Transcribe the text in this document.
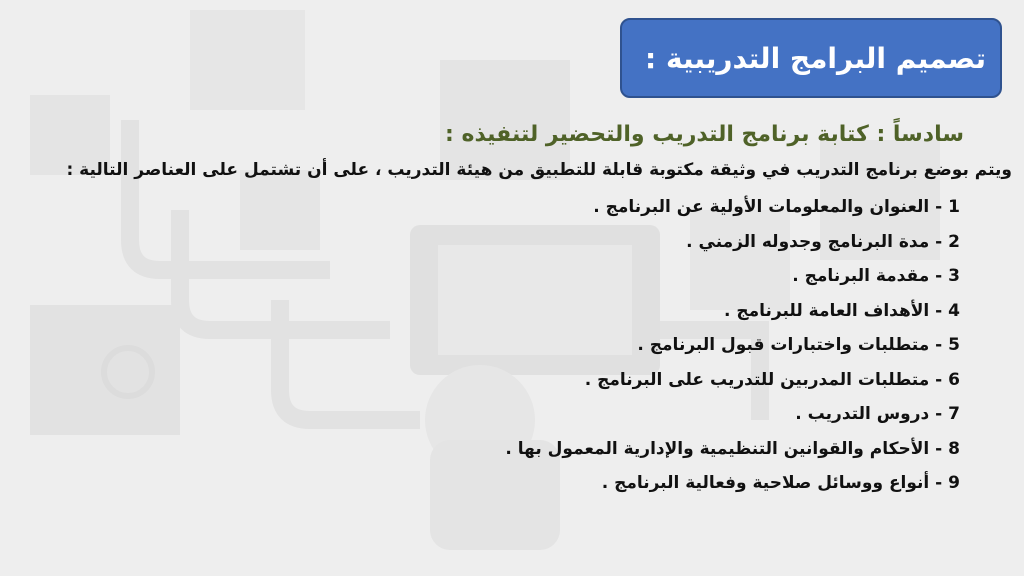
تصميم البرامج التدريبية :
سادساً : كتابة برنامج التدريب والتحضير لتنفيذه :

ويتم بوضع برنامج التدريب في وثيقة مكتوبة قابلة للتطبيق من هيئة التدريب ، على أن تشتمل على العناصر التالية :

1 - العنوان والمعلومات الأولية عن البرنامج .
2 - مدة البرنامج وجدوله الزمني .
3 - مقدمة البرنامج .
4 - الأهداف العامة للبرنامج .
5 - متطلبات واختبارات قبول البرنامج .
6 - متطلبات المدربين للتدريب على البرنامج .
7 - دروس التدريب .
8 - الأحكام والقوانين التنظيمية والإدارية المعمول بها .
9 - أنواع ووسائل صلاحية وفعالية البرنامج .
